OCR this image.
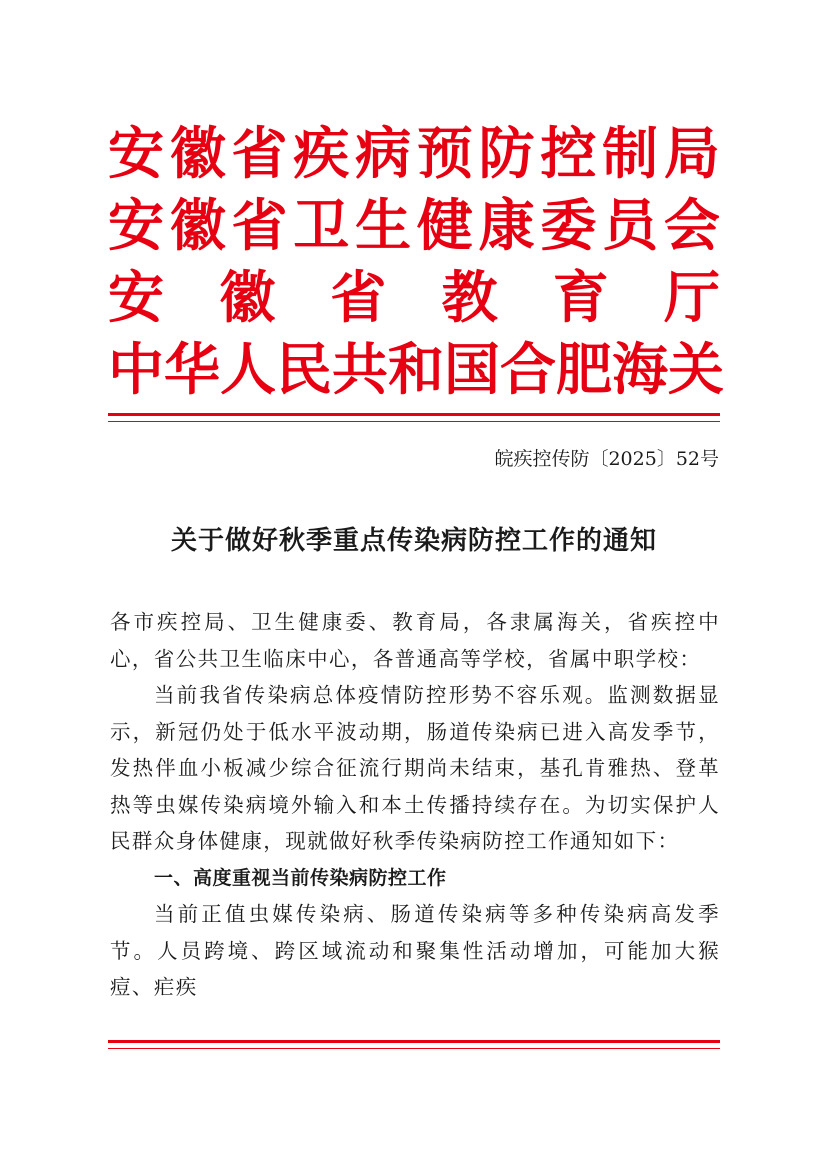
安 徽 省 疾 病 预 防 控 制 局
安 徽 省 卫 生 健 康 委 员 会
安 徽 省 教 育 厅
中 华 人 民 共 和 国 合 肥 海 关
皖疾控传防〔2025〕52号
关于做好秋季重点传染病防控工作的通知

各市疾控局、卫生健康委、教育局，各隶属海关，省疾控中心，省公共卫生临床中心，各普通高等学校，省属中职学校：

当前我省传染病总体疫情防控形势不容乐观。监测数据显示，新冠仍处于低水平波动期，肠道传染病已进入高发季节，发热伴血小板减少综合征流行期尚未结束，基孔肯雅热、登革热等虫媒传染病境外输入和本土传播持续存在。为切实保护人民群众身体健康，现就做好秋季传染病防控工作通知如下：

一、高度重视当前传染病防控工作

当前正值虫媒传染病、肠道传染病等多种传染病高发季节。人员跨境、跨区域流动和聚集性活动增加，可能加大猴痘、疟疾
